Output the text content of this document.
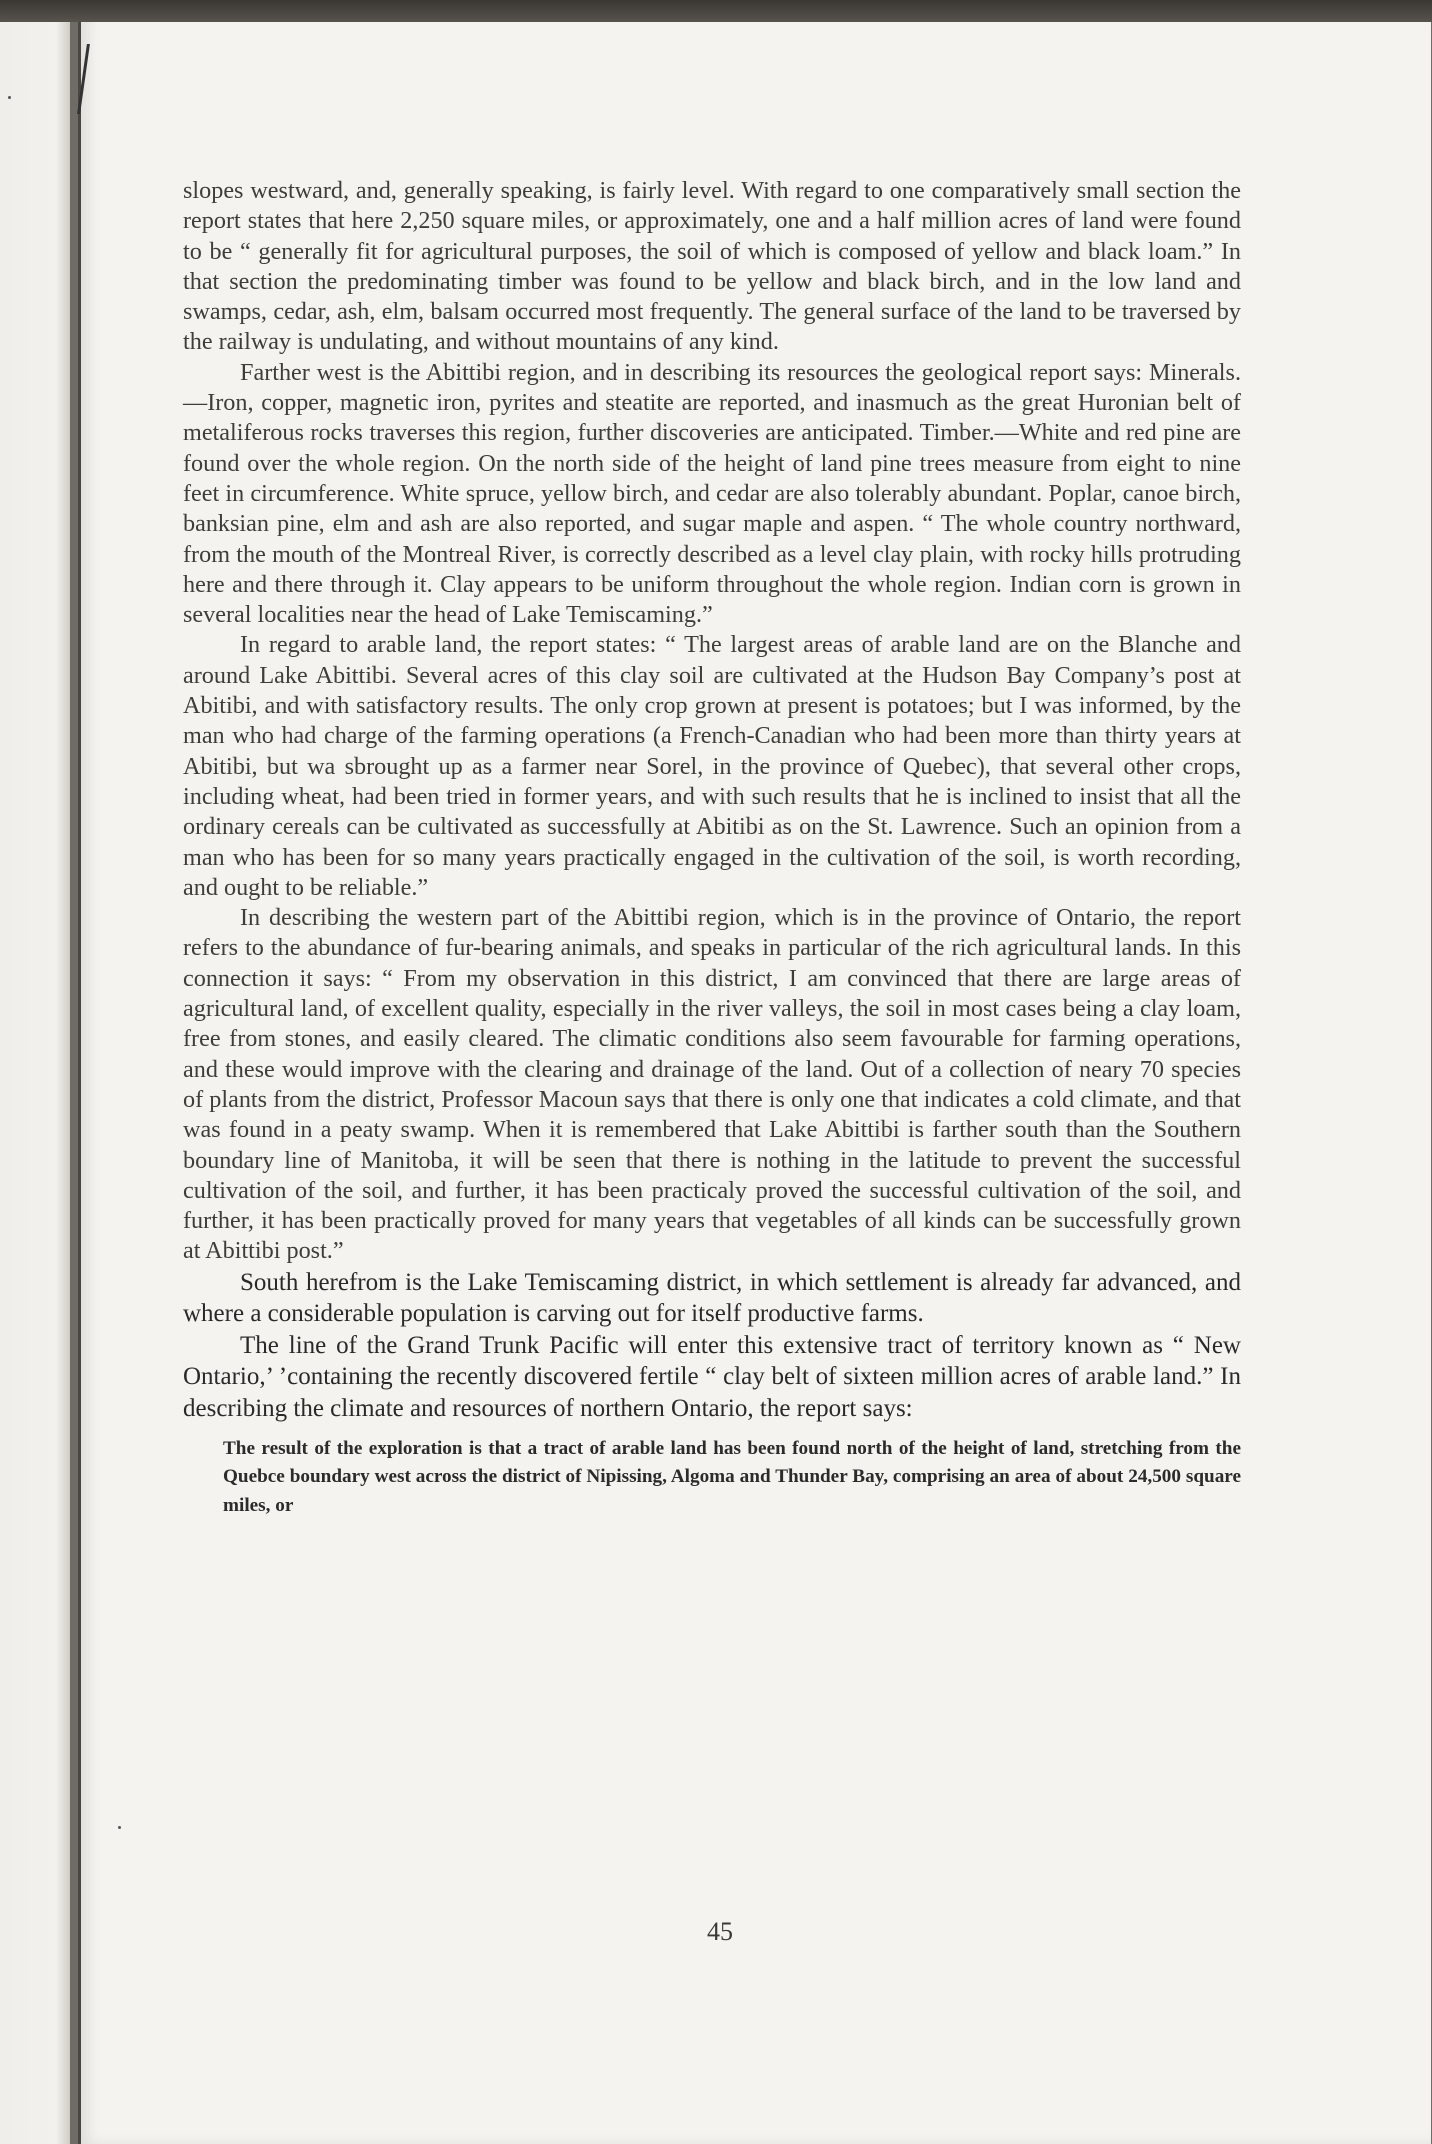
slopes westward, and, generally speaking, is fairly level. With regard to one comparatively small section the report states that here 2,250 square miles, or approximately, one and a half million acres of land were found to be “ generally fit for agricultural purposes, the soil of which is composed of yellow and black loam.” In that section the predominating timber was found to be yellow and black birch, and in the low land and swamps, cedar, ash, elm, balsam occurred most frequently. The general surface of the land to be traversed by the railway is undulating, and without mountains of any kind.

Farther west is the Abittibi region, and in describing its resources the geological report says: Minerals.—Iron, copper, magnetic iron, pyrites and steatite are reported, and inasmuch as the great Huronian belt of metaliferous rocks traverses this region, further discoveries are anticipated. Timber.—White and red pine are found over the whole region. On the north side of the height of land pine trees measure from eight to nine feet in circumference. White spruce, yellow birch, and cedar are also tolerably abundant. Poplar, canoe birch, banksian pine, elm and ash are also reported, and sugar maple and aspen. “ The whole country northward, from the mouth of the Montreal River, is correctly described as a level clay plain, with rocky hills protruding here and there through it. Clay appears to be uniform throughout the whole region. Indian corn is grown in several localities near the head of Lake Temiscaming.”

In regard to arable land, the report states: “ The largest areas of arable land are on the Blanche and around Lake Abittibi. Several acres of this clay soil are cultivated at the Hudson Bay Company’s post at Abitibi, and with satisfactory results. The only crop grown at present is potatoes; but I was informed, by the man who had charge of the farming operations (a French-Canadian who had been more than thirty years at Abitibi, but wa sbrought up as a farmer near Sorel, in the province of Quebec), that several other crops, including wheat, had been tried in former years, and with such results that he is inclined to insist that all the ordinary cereals can be cultivated as successfully at Abitibi as on the St. Lawrence. Such an opinion from a man who has been for so many years practically engaged in the cultivation of the soil, is worth recording, and ought to be reliable.”

In describing the western part of the Abittibi region, which is in the province of Ontario, the report refers to the abundance of fur-bearing animals, and speaks in particular of the rich agricultural lands. In this connection it says: “ From my observation in this district, I am convinced that there are large areas of agricultural land, of excellent quality, especially in the river valleys, the soil in most cases being a clay loam, free from stones, and easily cleared. The climatic conditions also seem favourable for farming operations, and these would improve with the clearing and drainage of the land. Out of a collection of neary 70 species of plants from the district, Professor Macoun says that there is only one that indicates a cold climate, and that was found in a peaty swamp. When it is remembered that Lake Abittibi is farther south than the Southern boundary line of Manitoba, it will be seen that there is nothing in the latitude to prevent the successful cultivation of the soil, and further, it has been practicaly proved the successful cultivation of the soil, and further, it has been practically proved for many years that vegetables of all kinds can be successfully grown at Abittibi post.”

South herefrom is the Lake Temiscaming district, in which settlement is already far advanced, and where a considerable population is carving out for itself productive farms.

The line of the Grand Trunk Pacific will enter this extensive tract of territory known as “ New Ontario,’ ’containing the recently discovered fertile “ clay belt of sixteen million acres of arable land.” In describing the climate and resources of northern Ontario, the report says:

The result of the exploration is that a tract of arable land has been found north of the height of land, stretching from the Quebce boundary west across the district of Nipissing, Algoma and Thunder Bay, comprising an area of about 24,500 square miles, or

45
